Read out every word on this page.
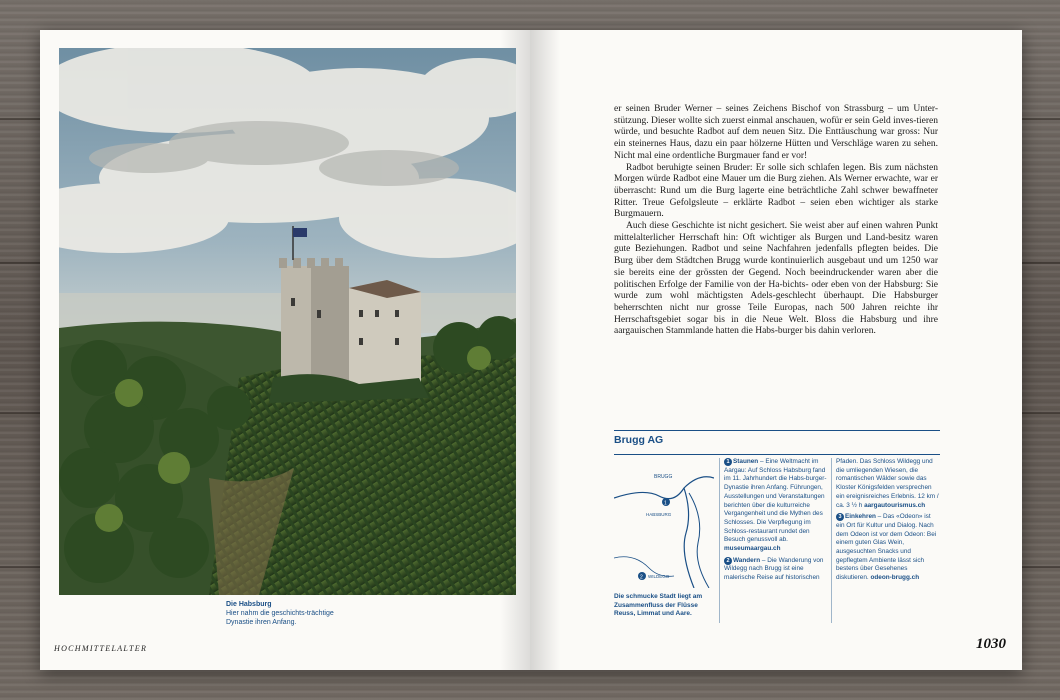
Die Habsburg
Hier nahm die geschichts-trächtige Dynastie ihren Anfang.
HOCHMITTELALTER

er seinen Bruder Werner – seines Zeichens Bischof von Strassburg – um Unter-stützung. Dieser wollte sich zuerst einmal anschauen, wofür er sein Geld inves-tieren würde, und besuchte Radbot auf dem neuen Sitz. Die Enttäuschung war gross: Nur ein steinernes Haus, dazu ein paar hölzerne Hütten und Verschläge waren zu sehen. Nicht mal eine ordentliche Burgmauer fand er vor!

Radbot beruhigte seinen Bruder: Er solle sich schlafen legen. Bis zum nächsten Morgen würde Radbot eine Mauer um die Burg ziehen. Als Werner erwachte, war er überrascht: Rund um die Burg lagerte eine beträchtliche Zahl schwer bewaffneter Ritter. Treue Gefolgsleute – erklärte Radbot – seien eben wichtiger als starke Burgmauern.

Auch diese Geschichte ist nicht gesichert. Sie weist aber auf einen wahren Punkt mittelalterlicher Herrschaft hin: Oft wichtiger als Burgen und Land-besitz waren gute Beziehungen. Radbot und seine Nachfahren jedenfalls pflegten beides. Die Burg über dem Städtchen Brugg wurde kontinuierlich ausgebaut und um 1250 war sie bereits eine der grössten der Gegend. Noch beeindruckender waren aber die politischen Erfolge der Familie von der Ha-bichts- oder eben von der Habsburg: Sie wurde zum wohl mächtigsten Adels-geschlecht überhaupt. Die Habsburger beherrschten nicht nur grosse Teile Europas, nach 500 Jahren reichte ihr Herrschaftsgebiet sogar bis in die Neue Welt. Bloss die Habsburg und ihre aargauischen Stammlande hatten die Habs-burger bis dahin verloren.

Brugg AG
1
2
BRUGG
HABSBURG
WILDEGG
Die schmucke Stadt liegt am Zusammenfluss der Flüsse Reuss, Limmat und Aare.
1 Staunen – Eine Weltmacht im Aargau: Auf Schloss Habsburg fand im 11. Jahrhundert die Habs-burger-Dynastie ihren Anfang. Führungen, Ausstellungen und Veranstaltungen berichten über die kulturreiche Vergangenheit und die Mythen des Schlosses. Die Verpflegung im Schloss-restaurant rundet den Besuch genussvoll ab. museumaargau.ch
2 Wandern – Die Wanderung von Wildegg nach Brugg ist eine malerische Reise auf historischen
Pfaden. Das Schloss Wildegg und die umliegenden Wiesen, die romantischen Wälder sowie das Kloster Königsfelden versprechen ein ereignisreiches Erlebnis. 12 km / ca. 3 ½ h aargautourismus.ch
3 Einkehren – Das «Odeon» ist ein Ort für Kultur und Dialog. Nach dem Odeon ist vor dem Odeon: Bei einem guten Glas Wein, ausgesuchten Snacks und gepflegtem Ambiente lässt sich bestens über Gesehenes diskutieren. odeon-brugg.ch
1030
